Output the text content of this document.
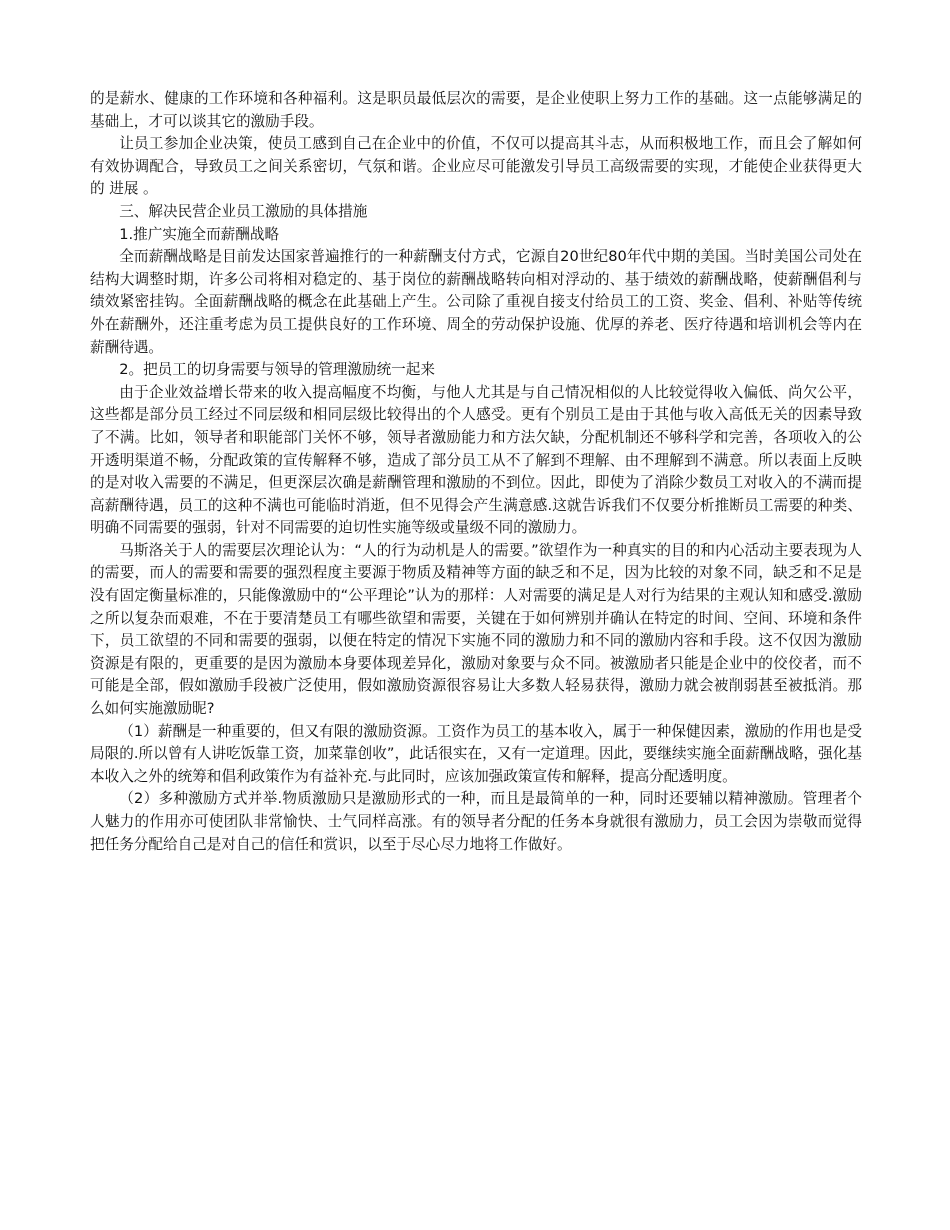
的是薪水、健康的工作环境和各种福利。这是职员最低层次的需要，是企业使职上努力工作的基础。这一点能够满足的基础上，才可以谈其它的激励手段。

让员工参加企业决策，使员工感到自己在企业中的价值，不仅可以提高其斗志，从而积极地工作，而且会了解如何有效协调配合，导致员工之间关系密切，气氛和谐。企业应尽可能激发引导员工高级需要的实现，才能使企业获得更大的 进展 。

三、解决民营企业员工激励的具体措施

1.推广实施全而薪酬战略

全而薪酬战略是目前发达国家普遍推行的一种薪酬支付方式，它源自20世纪80年代中期的美国。当时美国公司处在结构大调整时期，许多公司将相对稳定的、基于岗位的薪酬战略转向相对浮动的、基于绩效的薪酬战略，使薪酬倡利与绩效紧密挂钩。全面薪酬战略的概念在此基础上产生。公司除了重视自接支付给员工的工资、奖金、倡利、补贴等传统外在薪酬外，还注重考虑为员工提供良好的工作环境、周全的劳动保护设施、优厚的养老、医疗待遇和培训机会等内在薪酬待遇。

2。把员工的切身需要与领导的管理激励统一起来

由于企业效益增长带来的收入提高幅度不均衡，与他人尤其是与自己情况相似的人比较觉得收入偏低、尚欠公平，这些都是部分员工经过不同层级和相同层级比较得出的个人感受。更有个别员工是由于其他与收入高低无关的因素导致了不满。比如，领导者和职能部门关怀不够，领导者激励能力和方法欠缺，分配机制还不够科学和完善，各项收入的公开透明渠道不畅，分配政策的宣传解释不够，造成了部分员工从不了解到不理解、由不理解到不满意。所以表面上反映的是对收入需要的不满足，但更深层次确是薪酬管理和激励的不到位。因此，即使为了消除少数员工对收入的不满而提高薪酬待遇，员工的这种不满也可能临时消逝，但不见得会产生满意感.这就告诉我们不仅要分析推断员工需要的种类、明确不同需要的强弱，针对不同需要的迫切性实施等级或量级不同的激励力。

马斯洛关于人的需要层次理论认为：“人的行为动机是人的需要。”欲望作为一种真实的目的和内心活动主要表现为人的需要，而人的需要和需要的强烈程度主要源于物质及精神等方面的缺乏和不足，因为比较的对象不同，缺乏和不足是没有固定衡量标准的，只能像激励中的“公平理论”认为的那样：人对需要的满足是人对行为结果的主观认知和感受.激励之所以复杂而艰难，不在于要清楚员工有哪些欲望和需要，关键在于如何辨别并确认在特定的时间、空间、环境和条件下，员工欲望的不同和需要的强弱，以便在特定的情况下实施不同的激励力和不同的激励内容和手段。这不仅因为激励资源是有限的，更重要的是因为激励本身要体现差异化，激励对象要与众不同。被激励者只能是企业中的佼佼者，而不可能是全部，假如激励手段被广泛使用，假如激励资源很容易让大多数人轻易获得，激励力就会被削弱甚至被抵消。那么如何实施激励昵?

（1）薪酬是一种重要的，但又有限的激励资源。工资作为员工的基本收入，属于一种保健因素，激励的作用也是受局限的.所以曾有人讲吃饭靠工资，加菜靠创收”，此话很实在，又有一定道理。因此，要继续实施全面薪酬战略，强化基本收入之外的统筹和倡利政策作为有益补充.与此同时，应该加强政策宣传和解释，提高分配透明度。

（2）多种激励方式并举.物质激励只是激励形式的一种，而且是最简单的一种，同时还要辅以精神激励。管理者个人魅力的作用亦可使团队非常愉快、士气同样高涨。有的领导者分配的任务本身就很有激励力，员工会因为崇敬而觉得把任务分配给自己是对自己的信任和赏识，以至于尽心尽力地将工作做好。
